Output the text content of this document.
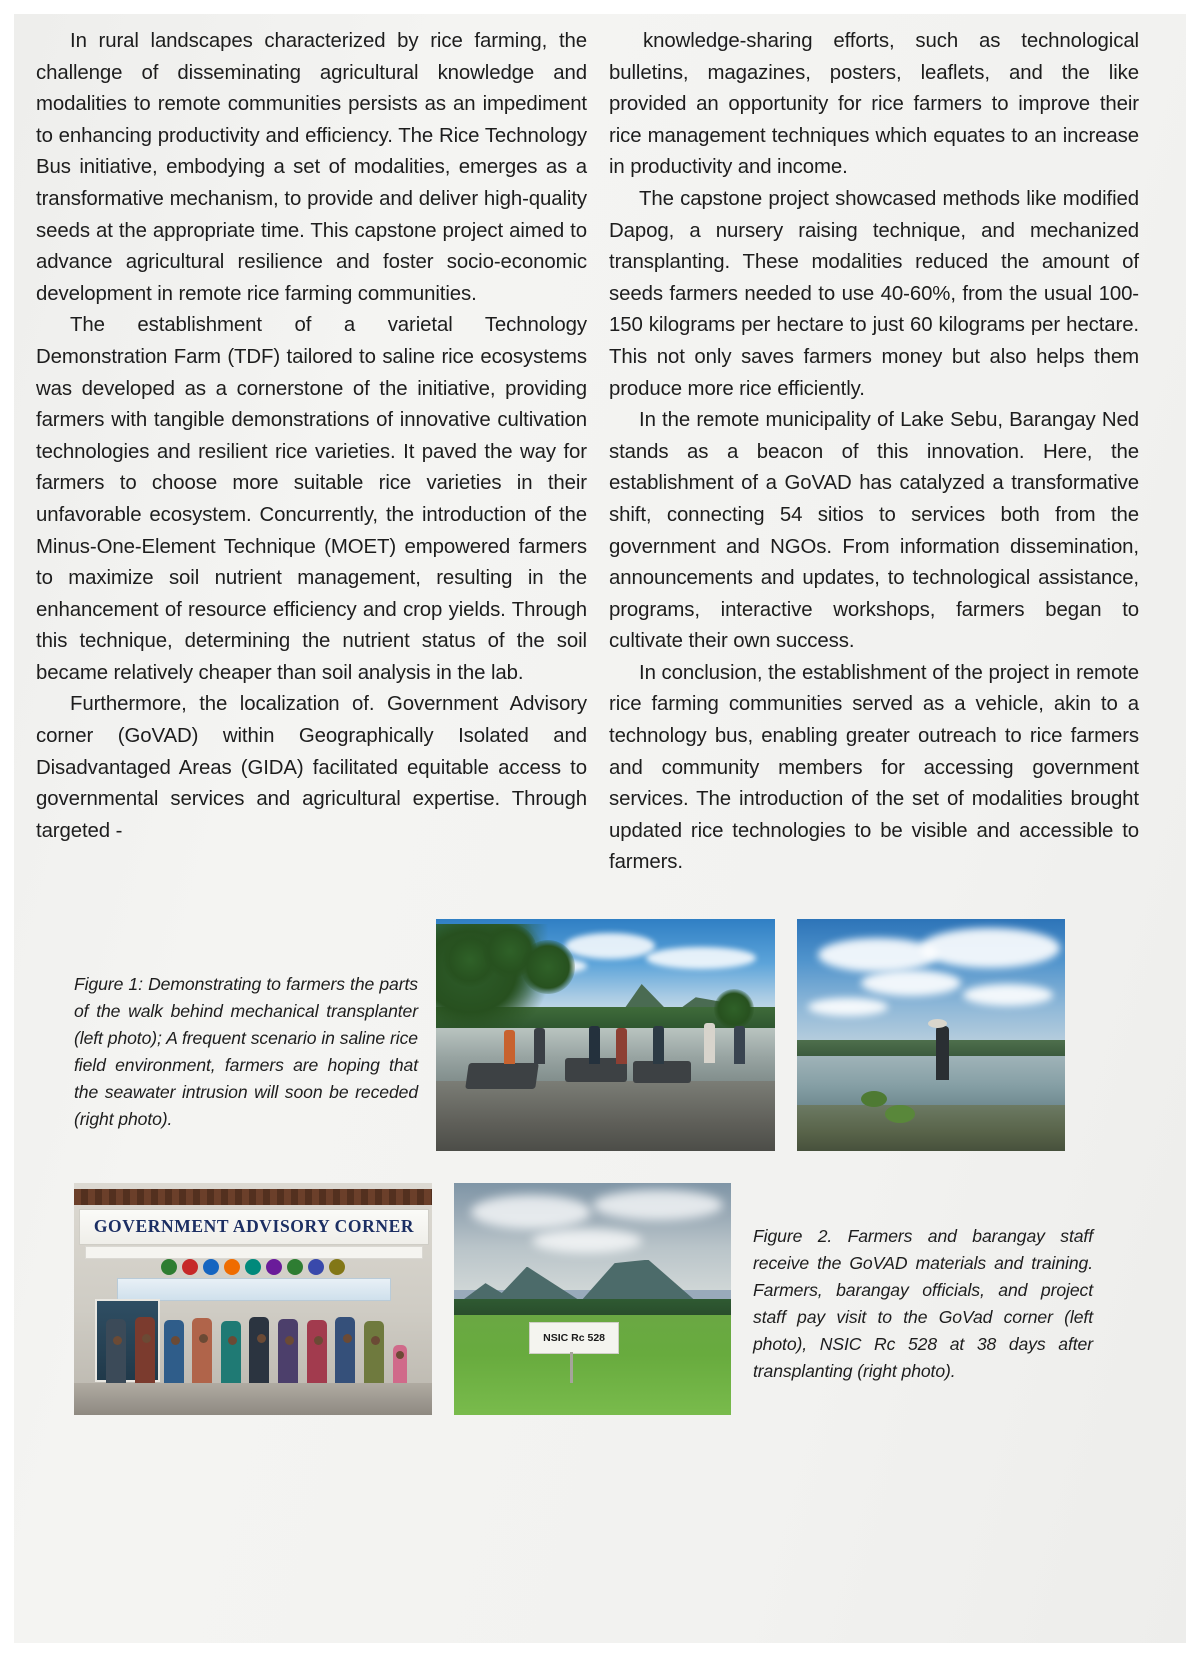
In rural landscapes characterized by rice farming, the challenge of disseminating agricultural knowledge and modalities to remote communities persists as an impediment to enhancing productivity and efficiency. The Rice Technology Bus initiative, embodying a set of modalities, emerges as a transformative mechanism, to provide and deliver high-quality seeds at the appropriate time. This capstone project aimed to advance agricultural resilience and foster socio-economic development in remote rice farming communities.

The establishment of a varietal Technology Demonstration Farm (TDF) tailored to saline rice ecosystems was developed as a cornerstone of the initiative, providing farmers with tangible demonstrations of innovative cultivation technologies and resilient rice varieties. It paved the way for farmers to choose more suitable rice varieties in their unfavorable ecosystem. Concurrently, the introduction of the Minus-One-Element Technique (MOET) empowered farmers to maximize soil nutrient management, resulting in the enhancement of resource efficiency and crop yields. Through this technique, determining the nutrient status of the soil became relatively cheaper than soil analysis in the lab.

Furthermore, the localization of. Government Advisory corner (GoVAD) within Geographically Isolated and Disadvantaged Areas (GIDA) facilitated equitable access to governmental services and agricultural expertise. Through targeted -

knowledge-sharing efforts, such as technological bulletins, magazines, posters, leaflets, and the like provided an opportunity for rice farmers to improve their rice management techniques which equates to an increase in productivity and income.

The capstone project showcased methods like modified Dapog, a nursery raising technique, and mechanized transplanting. These modalities reduced the amount of seeds farmers needed to use 40-60%, from the usual 100-150 kilograms per hectare to just 60 kilograms per hectare. This not only saves farmers money but also helps them produce more rice efficiently.

In the remote municipality of Lake Sebu, Barangay Ned stands as a beacon of this innovation. Here, the establishment of a GoVAD has catalyzed a transformative shift, connecting 54 sitios to services both from the government and NGOs. From information dissemination, announcements and updates, to technological assistance, programs, interactive workshops, farmers began to cultivate their own success.

In conclusion, the establishment of the project in remote rice farming communities served as a vehicle, akin to a technology bus, enabling greater outreach to rice farmers and community members for accessing government services. The introduction of the set of modalities brought updated rice technologies to be visible and accessible to farmers.

Figure 1: Demonstrating to farmers the parts of the walk behind mechanical transplanter (left photo); A frequent scenario in saline rice field environment, farmers are hoping that the seawater intrusion will soon be receded (right photo).
GOVERNMENT ADVISORY CORNER
NSIC Rc 528
Figure 2. Farmers and barangay staff receive the GoVAD materials and training. Farmers, barangay officials, and project staff pay visit to the GoVad corner (left photo), NSIC Rc 528 at 38 days after transplanting (right photo).
